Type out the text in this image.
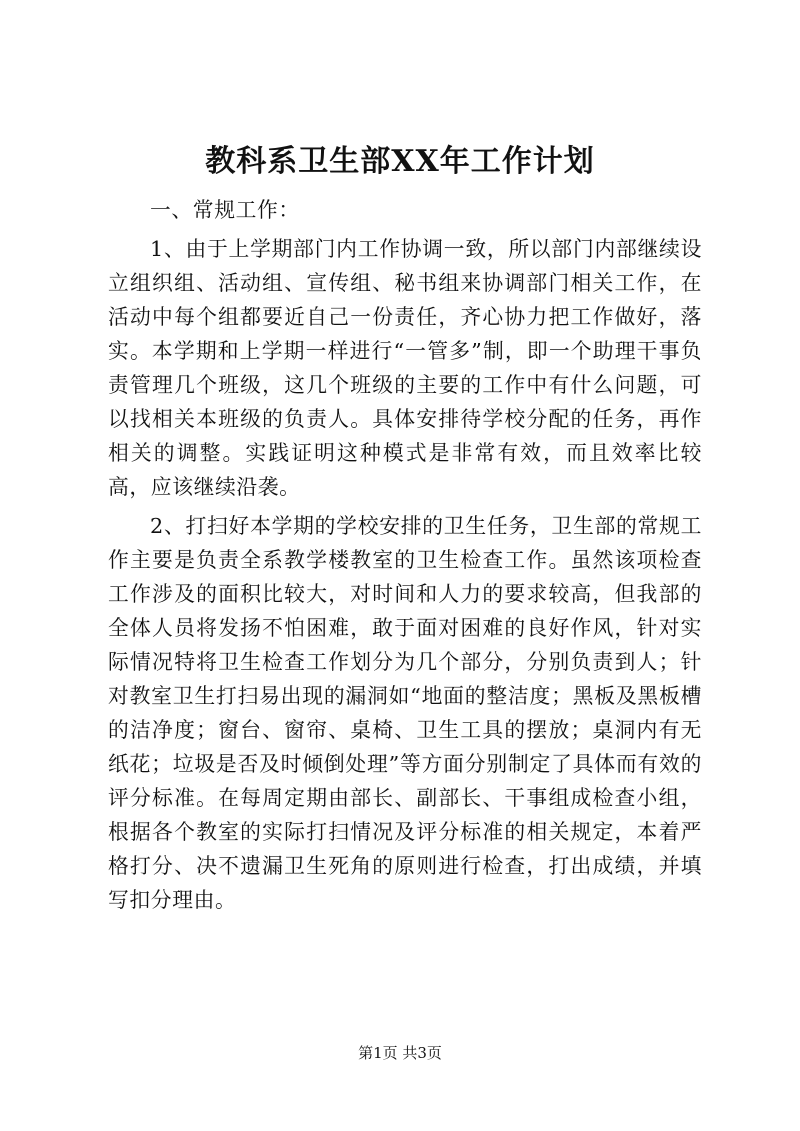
教科系卫生部XX年工作计划

一、常规工作：

1、由于上学期部门内工作协调一致，所以部门内部继续设立组织组、活动组、宣传组、秘书组来协调部门相关工作，在活动中每个组都要近自己一份责任，齐心协力把工作做好，落实。本学期和上学期一样进行“一管多”制，即一个助理干事负责管理几个班级，这几个班级的主要的工作中有什么问题，可以找相关本班级的负责人。具体安排待学校分配的任务，再作相关的调整。实践证明这种模式是非常有效，而且效率比较高，应该继续沿袭。

2、打扫好本学期的学校安排的卫生任务，卫生部的常规工作主要是负责全系教学楼教室的卫生检查工作。虽然该项检查工作涉及的面积比较大，对时间和人力的要求较高，但我部的全体人员将发扬不怕困难，敢于面对困难的良好作风，针对实际情况特将卫生检查工作划分为几个部分，分别负责到人；针对教室卫生打扫易出现的漏洞如“地面的整洁度；黑板及黑板槽的洁净度；窗台、窗帘、桌椅、卫生工具的摆放；桌洞内有无纸花；垃圾是否及时倾倒处理”等方面分别制定了具体而有效的评分标准。在每周定期由部长、副部长、干事组成检查小组，根据各个教室的实际打扫情况及评分标准的相关规定，本着严格打分、决不遗漏卫生死角的原则进行检查，打出成绩，并填写扣分理由。

第1页 共3页
